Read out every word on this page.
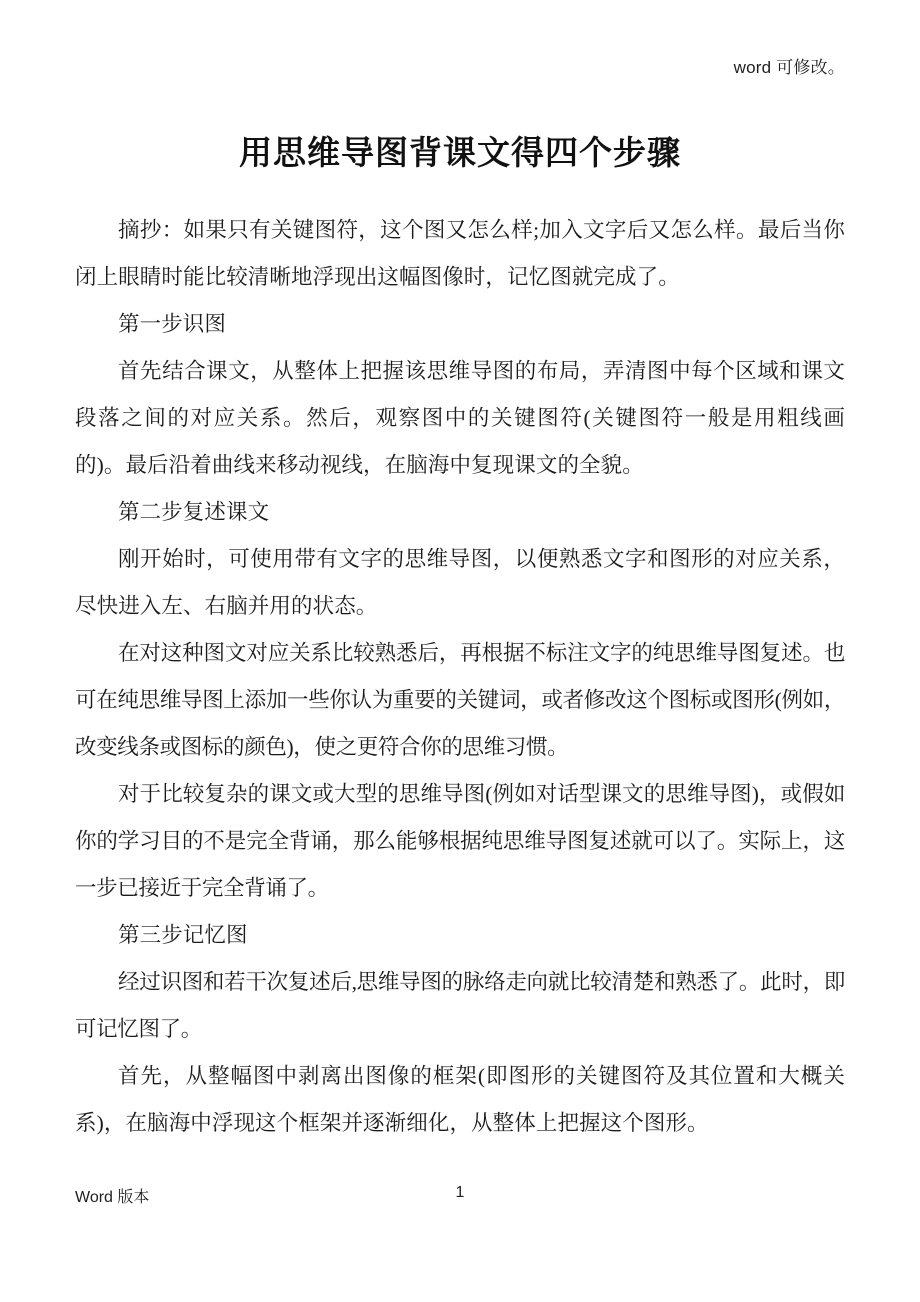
word 可修改。
用思维导图背课文得四个步骤

摘抄：如果只有关键图符，这个图又怎么样;加入文字后又怎么样。最后当你闭上眼睛时能比较清晰地浮现出这幅图像时，记忆图就完成了。

第一步识图

首先结合课文，从整体上把握该思维导图的布局，弄清图中每个区域和课文段落之间的对应关系。然后，观察图中的关键图符(关键图符一般是用粗线画的)。最后沿着曲线来移动视线，在脑海中复现课文的全貌。

第二步复述课文

刚开始时，可使用带有文字的思维导图，以便熟悉文字和图形的对应关系，尽快进入左、右脑并用的状态。

在对这种图文对应关系比较熟悉后，再根据不标注文字的纯思维导图复述。也可在纯思维导图上添加一些你认为重要的关键词，或者修改这个图标或图形(例如，改变线条或图标的颜色)，使之更符合你的思维习惯。

对于比较复杂的课文或大型的思维导图(例如对话型课文的思维导图)，或假如你的学习目的不是完全背诵，那么能够根据纯思维导图复述就可以了。实际上，这一步已接近于完全背诵了。

第三步记忆图

经过识图和若干次复述后,思维导图的脉络走向就比较清楚和熟悉了。此时，即可记忆图了。

首先，从整幅图中剥离出图像的框架(即图形的关键图符及其位置和大概关系)，在脑海中浮现这个框架并逐渐细化，从整体上把握这个图形。

Word 版本	1
